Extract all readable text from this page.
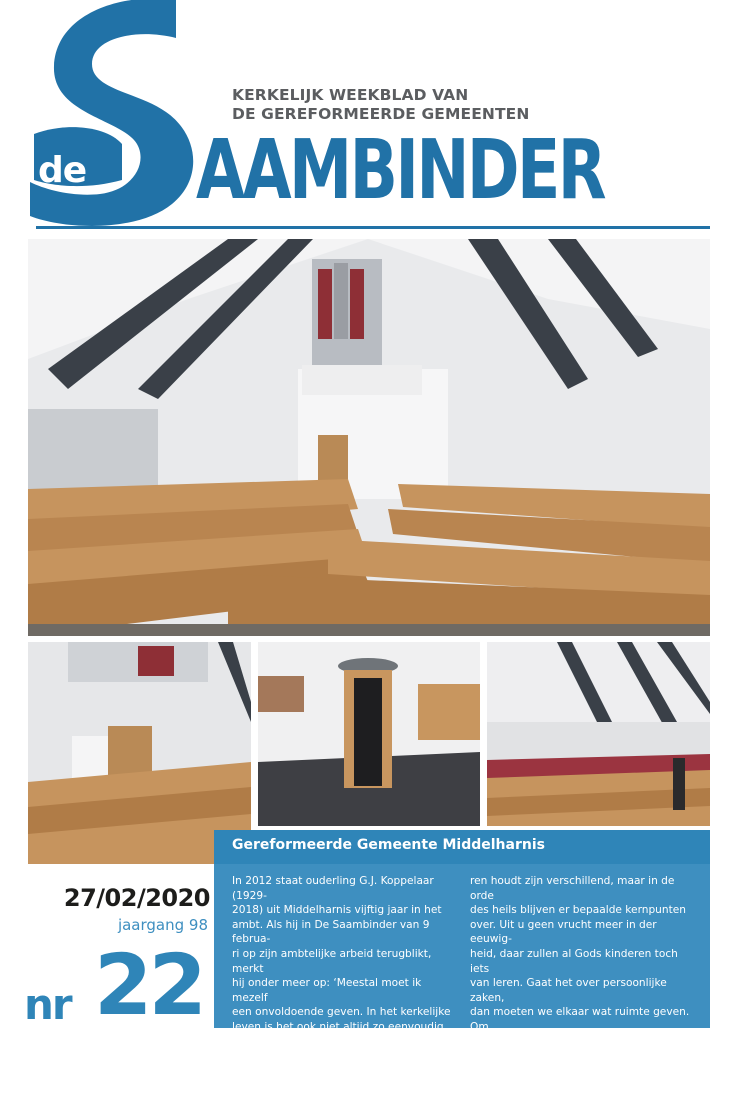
de
KERKELIJK WEEKBLAD VAN
DE GEREFORMEERDE GEMEENTEN
AAMBINDER
Gereformeerde Gemeente Middelharnis
In 2012 staat ouderling G.J. Koppelaar (1929-
2018) uit Middelharnis vijftig jaar in het
ambt. Als hij in De Saambinder van 9 februa-
ri op zijn ambtelijke arbeid terugblikt, merkt
hij onder meer op: ‘Meestal moet ik mezelf
een onvoldoende geven. In het kerkelijke
leven is het ook niet altijd zo eenvoudig.
Soms wordt er wel eens tegen me gezegd:
‘Koppelaar, het kan ook anders’. Ja, zeg ik
dan, de wegen die de Heere met Zijn kinde-
ren houdt zijn verschillend, maar in de orde
des heils blijven er bepaalde kernpunten
over. Uit u geen vrucht meer in der eeuwig-
heid, daar zullen al Gods kinderen toch iets
van leren. Gaat het over persoonlijke zaken,
dan moeten we elkaar wat ruimte geven. Om
de minste te zijn valt echter niet mee, ook al
bidden we aan het einde van iedere lees-
dienst: O Zoon, maak ons Uw beeld gelijk.
Daar ben ik veel in tekort gekomen’.
27/02/2020
jaargang 98
nr 22
